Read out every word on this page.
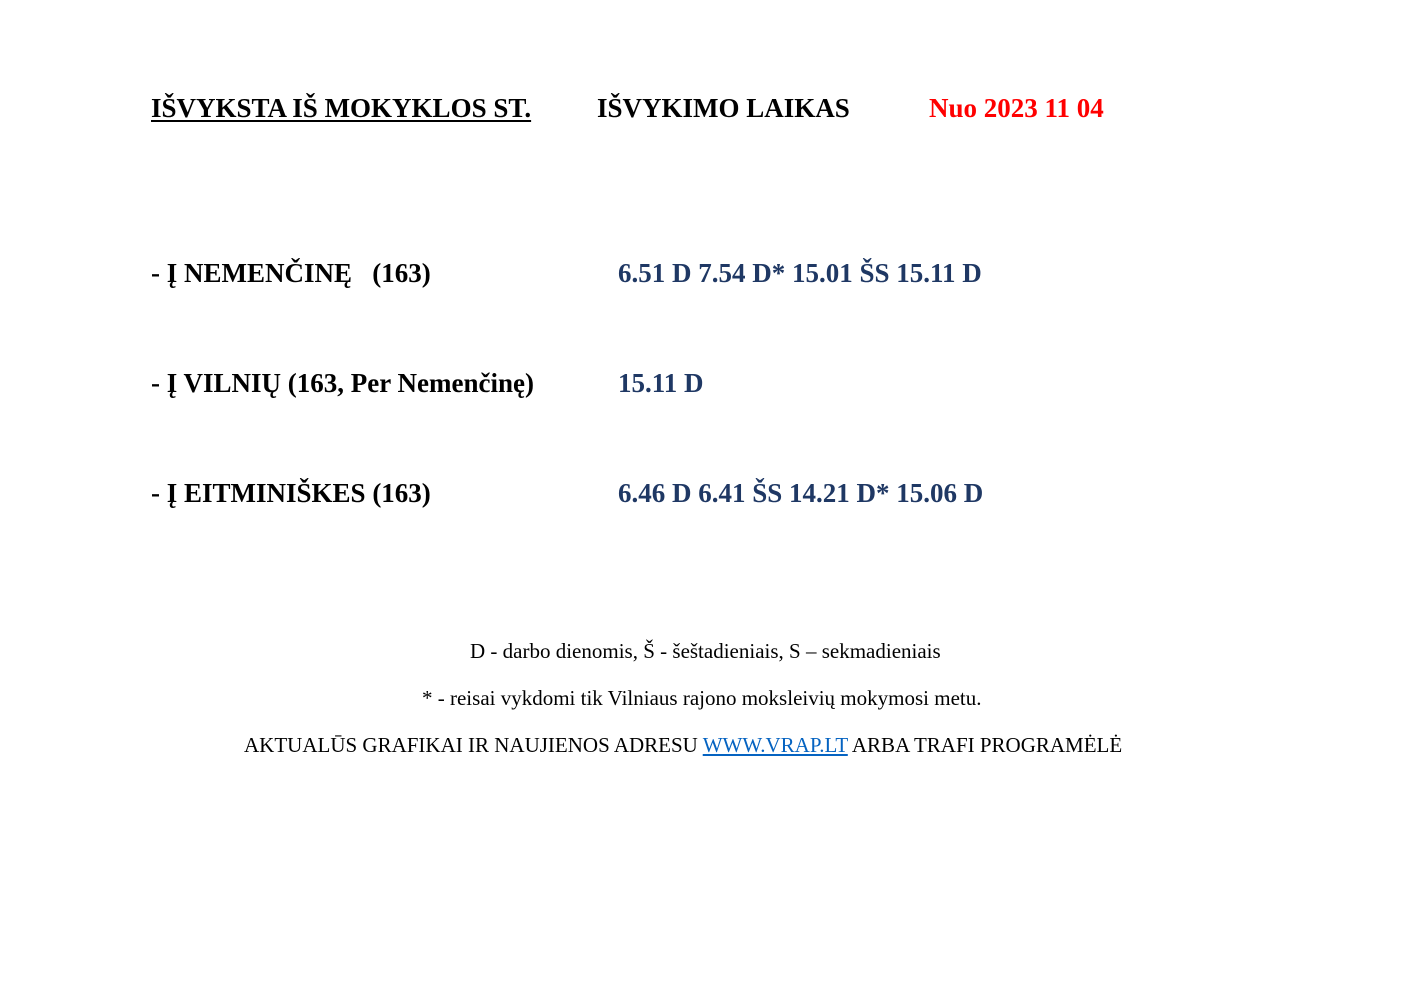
IŠVYKSTA IŠ MOKYKLOS ST. IŠVYKIMO LAIKAS	Nuo 2023 11 04
- Į NEMENČINĘ   (163)	6.51 D 7.54 D* 15.01 ŠS 15.11 D
- Į VILNIŲ (163, Per Nemenčinę)	15.11 D
- Į EITMINIŠKES (163)	6.46 D 6.41 ŠS 14.21 D* 15.06 D
D - darbo dienomis, Š - šeštadieniais, S – sekmadieniais
* - reisai vykdomi tik Vilniaus rajono moksleivių mokymosi metu.
AKTUALŪS GRAFIKAI IR NAUJIENOS ADRESU WWW.VRAP.LT ARBA TRAFI PROGRAMĖLĖ
